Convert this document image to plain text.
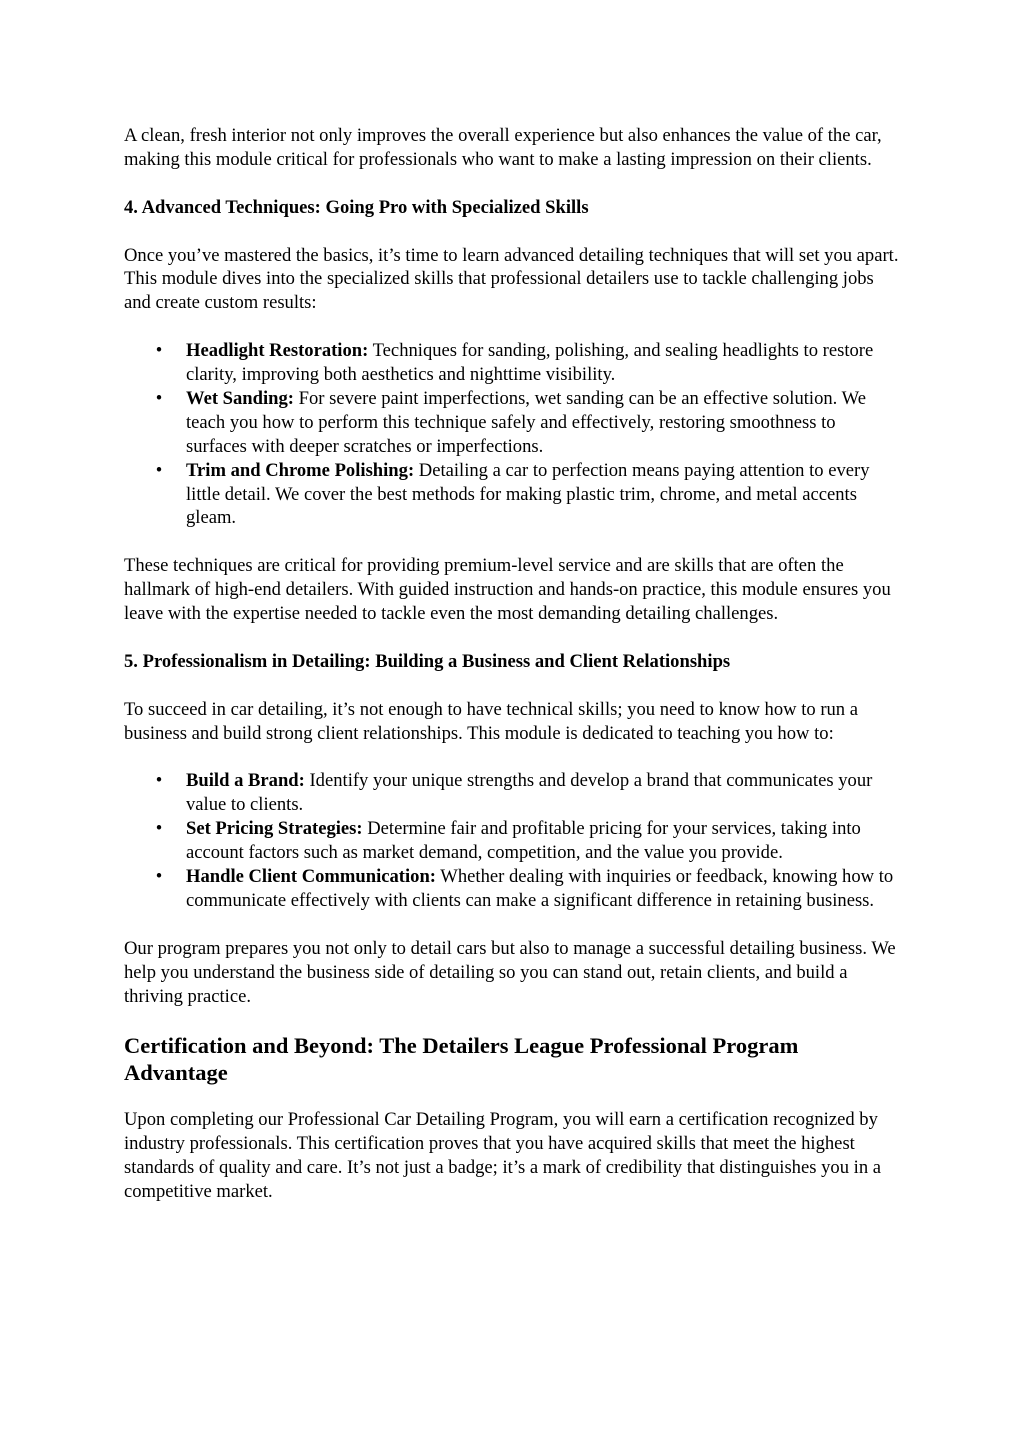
A clean, fresh interior not only improves the overall experience but also enhances the value of the car, making this module critical for professionals who want to make a lasting impression on their clients.

4. Advanced Techniques: Going Pro with Specialized Skills

Once you’ve mastered the basics, it’s time to learn advanced detailing techniques that will set you apart. This module dives into the specialized skills that professional detailers use to tackle challenging jobs and create custom results:

• Headlight Restoration: Techniques for sanding, polishing, and sealing headlights to restore clarity, improving both aesthetics and nighttime visibility.
• Wet Sanding: For severe paint imperfections, wet sanding can be an effective solution. We teach you how to perform this technique safely and effectively, restoring smoothness to surfaces with deeper scratches or imperfections.
• Trim and Chrome Polishing: Detailing a car to perfection means paying attention to every little detail. We cover the best methods for making plastic trim, chrome, and metal accents gleam.

These techniques are critical for providing premium-level service and are skills that are often the hallmark of high-end detailers. With guided instruction and hands-on practice, this module ensures you leave with the expertise needed to tackle even the most demanding detailing challenges.

5. Professionalism in Detailing: Building a Business and Client Relationships

To succeed in car detailing, it’s not enough to have technical skills; you need to know how to run a business and build strong client relationships. This module is dedicated to teaching you how to:

• Build a Brand: Identify your unique strengths and develop a brand that communicates your value to clients.
• Set Pricing Strategies: Determine fair and profitable pricing for your services, taking into account factors such as market demand, competition, and the value you provide.
• Handle Client Communication: Whether dealing with inquiries or feedback, knowing how to communicate effectively with clients can make a significant difference in retaining business.

Our program prepares you not only to detail cars but also to manage a successful detailing business. We help you understand the business side of detailing so you can stand out, retain clients, and build a thriving practice.

Certification and Beyond: The Detailers League Professional Program Advantage

Upon completing our Professional Car Detailing Program, you will earn a certification recognized by industry professionals. This certification proves that you have acquired skills that meet the highest standards of quality and care. It’s not just a badge; it’s a mark of credibility that distinguishes you in a competitive market.
